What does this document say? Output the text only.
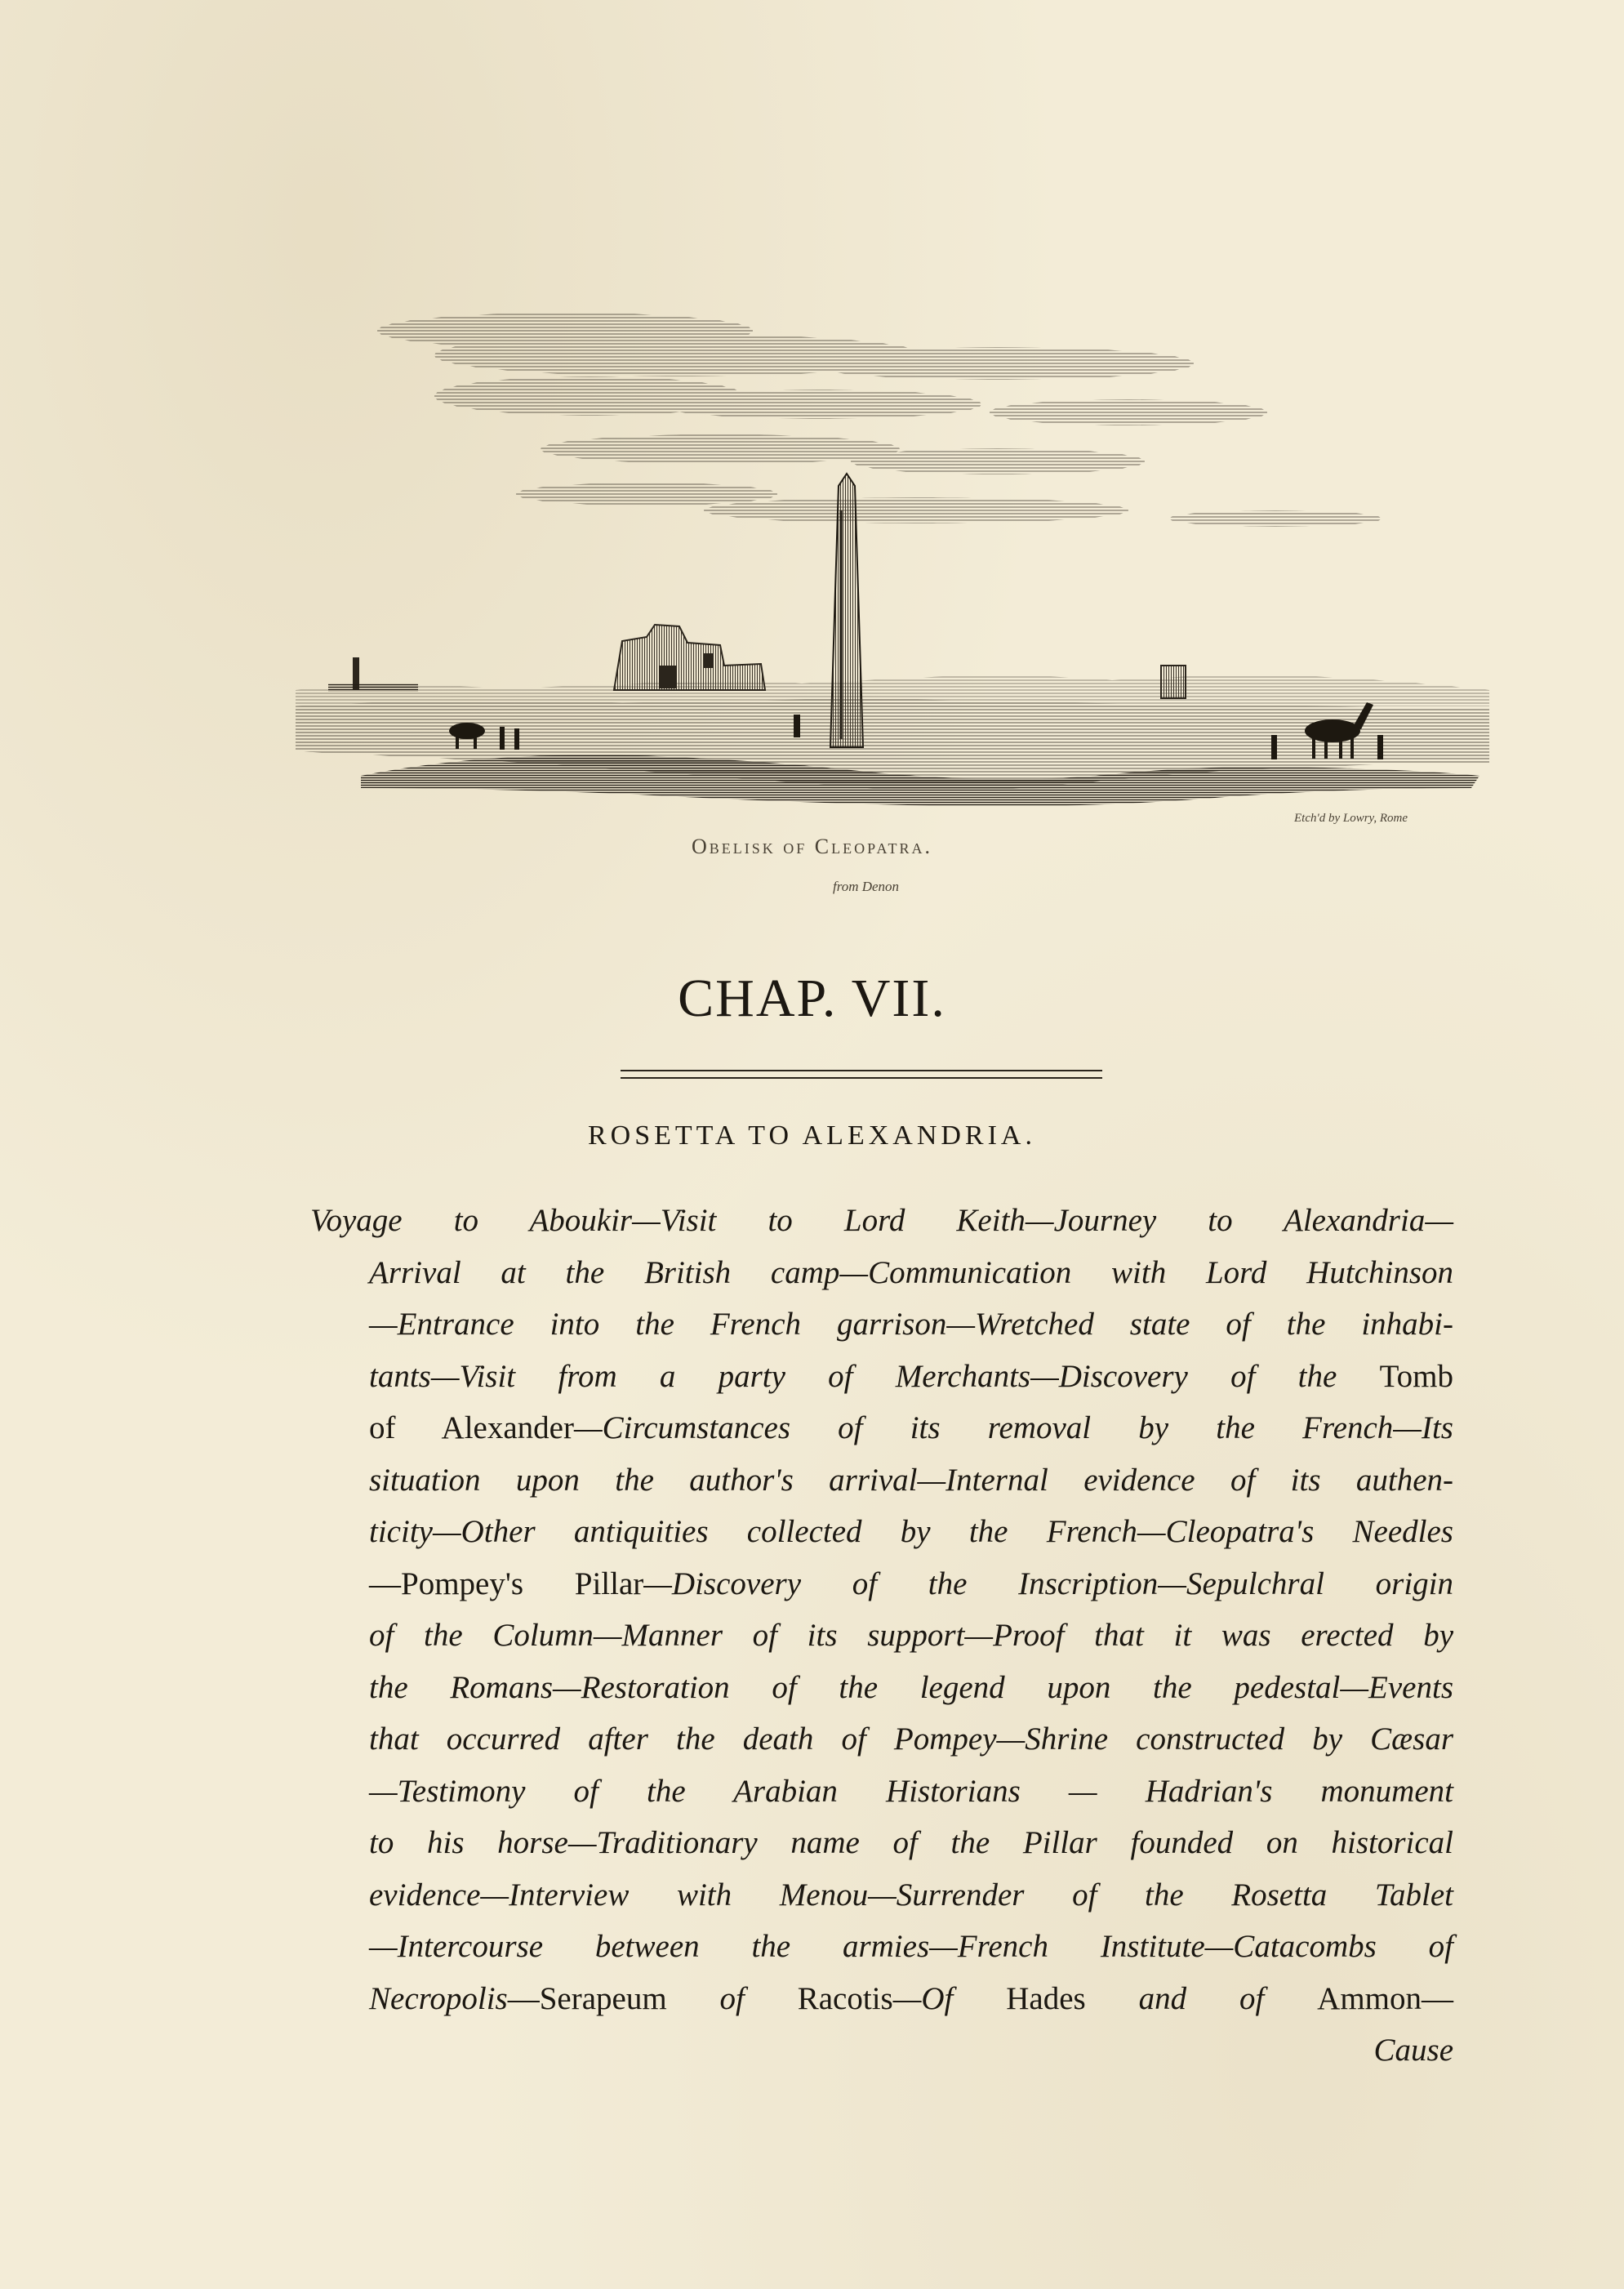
Etch'd by Lowry, Rome
Obelisk of Cleopatra.
from Denon
CHAP. VII.
ROSETTA TO ALEXANDRIA.
Voyage to Aboukir—Visit to Lord Keith—Journey to Alexandria—
Arrival at the British camp—Communication with Lord Hutchinson
—Entrance into the French garrison—Wretched state of the inhabi-
tants—Visit from a party of Merchants—Discovery of the Tomb
of Alexander—Circumstances of its removal by the French—Its
situation upon the author's arrival—Internal evidence of its authen-
ticity—Other antiquities collected by the French—Cleopatra's Needles
—Pompey's Pillar—Discovery of the Inscription—Sepulchral origin
of the Column—Manner of its support—Proof that it was erected by
the Romans—Restoration of the legend upon the pedestal—Events
that occurred after the death of Pompey—Shrine constructed by Cæsar
—Testimony of the Arabian Historians — Hadrian's monument
to his horse—Traditionary name of the Pillar founded on historical
evidence—Interview with Menou—Surrender of the Rosetta Tablet
—Intercourse between the armies—French Institute—Catacombs of
Necropolis—Serapeum of Racotis—Of Hades and of Ammon—
Cause
